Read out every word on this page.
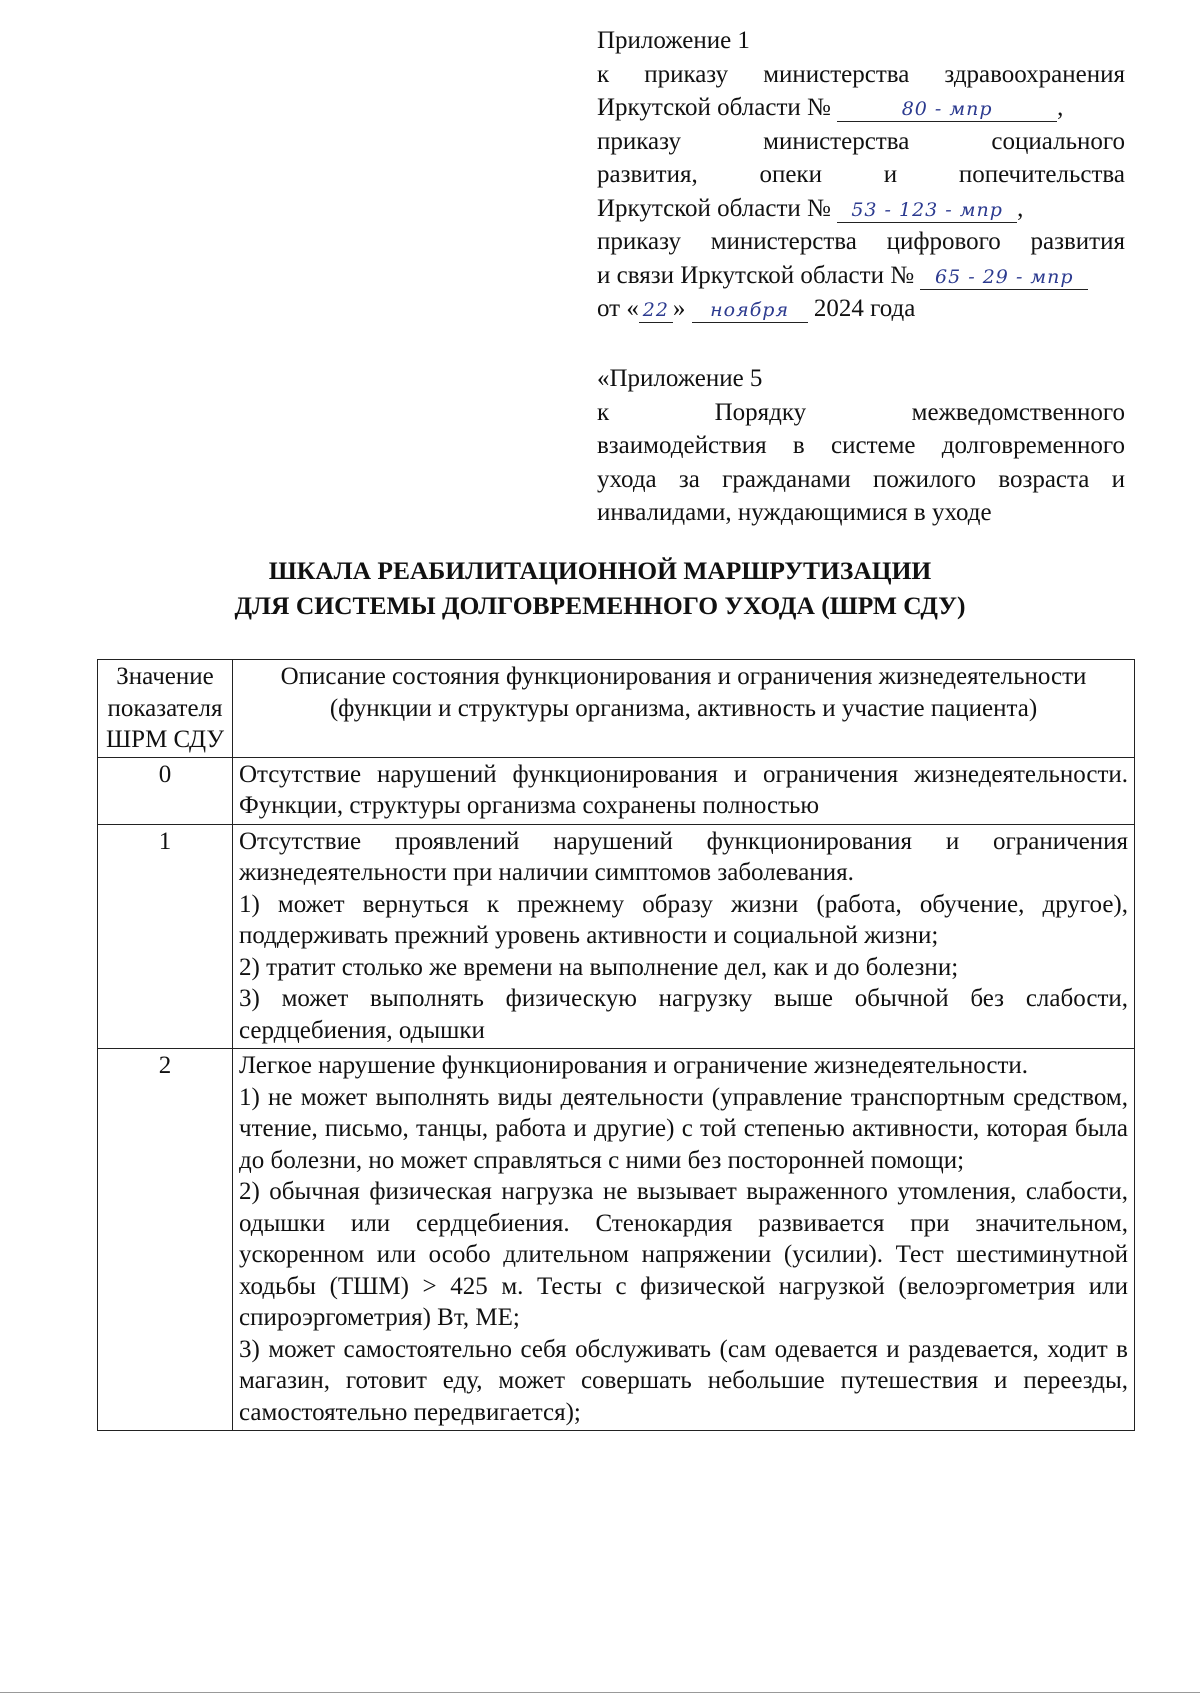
Приложение 1
к приказу министерства здравоохранения
Иркутской области №	80 - мпр	,
приказу министерства социального
развития, опеки и попечительства
Иркутской области № 53 - 123 - мпр ,
приказу министерства цифрового развития
и связи Иркутской области № 65 - 29 - мпр
от « 22 » ноября 2024 года
«Приложение 5
к Порядку межведомственного
взаимодействия в системе долговременного
ухода за гражданами пожилого возраста и
инвалидами, нуждающимися в уходе
ШКАЛА РЕАБИЛИТАЦИОННОЙ МАРШРУТИЗАЦИИ
ДЛЯ СИСТЕМЫ ДОЛГОВРЕМЕННОГО УХОДА (ШРМ СДУ)
Значение показателя ШРМ СДУ	Описание состояния функционирования и ограничения жизнедеятельности (функции и структуры организма, активность и участие пациента)
0	Отсутствие нарушений функционирования и ограничения жизнедеятельности. Функции, структуры организма сохранены полностью

1	Отсутствие проявлений нарушений функционирования и ограничения жизнедеятельности при наличии симптомов заболевания.
1) может вернуться к прежнему образу жизни (работа, обучение, другое), поддерживать прежний уровень активности и социальной жизни;
2) тратит столько же времени на выполнение дел, как и до болезни;
3) может выполнять физическую нагрузку выше обычной без слабости, сердцебиения, одышки

2	Легкое нарушение функционирования и ограничение жизнедеятельности.
1) не может выполнять виды деятельности (управление транспортным средством, чтение, письмо, танцы, работа и другие) с той степенью активности, которая была до болезни, но может справляться с ними без посторонней помощи;
2) обычная физическая нагрузка не вызывает выраженного утомления, слабости, одышки или сердцебиения. Стенокардия развивается при значительном, ускоренном или особо длительном напряжении (усилии). Тест шестиминутной ходьбы (ТШМ) > 425 м. Тесты с физической нагрузкой (велоэргометрия или спироэргометрия) Вт, МЕ;
3) может самостоятельно себя обслуживать (сам одевается и раздевается, ходит в магазин, готовит еду, может совершать небольшие путешествия и переезды, самостоятельно передвигается);
